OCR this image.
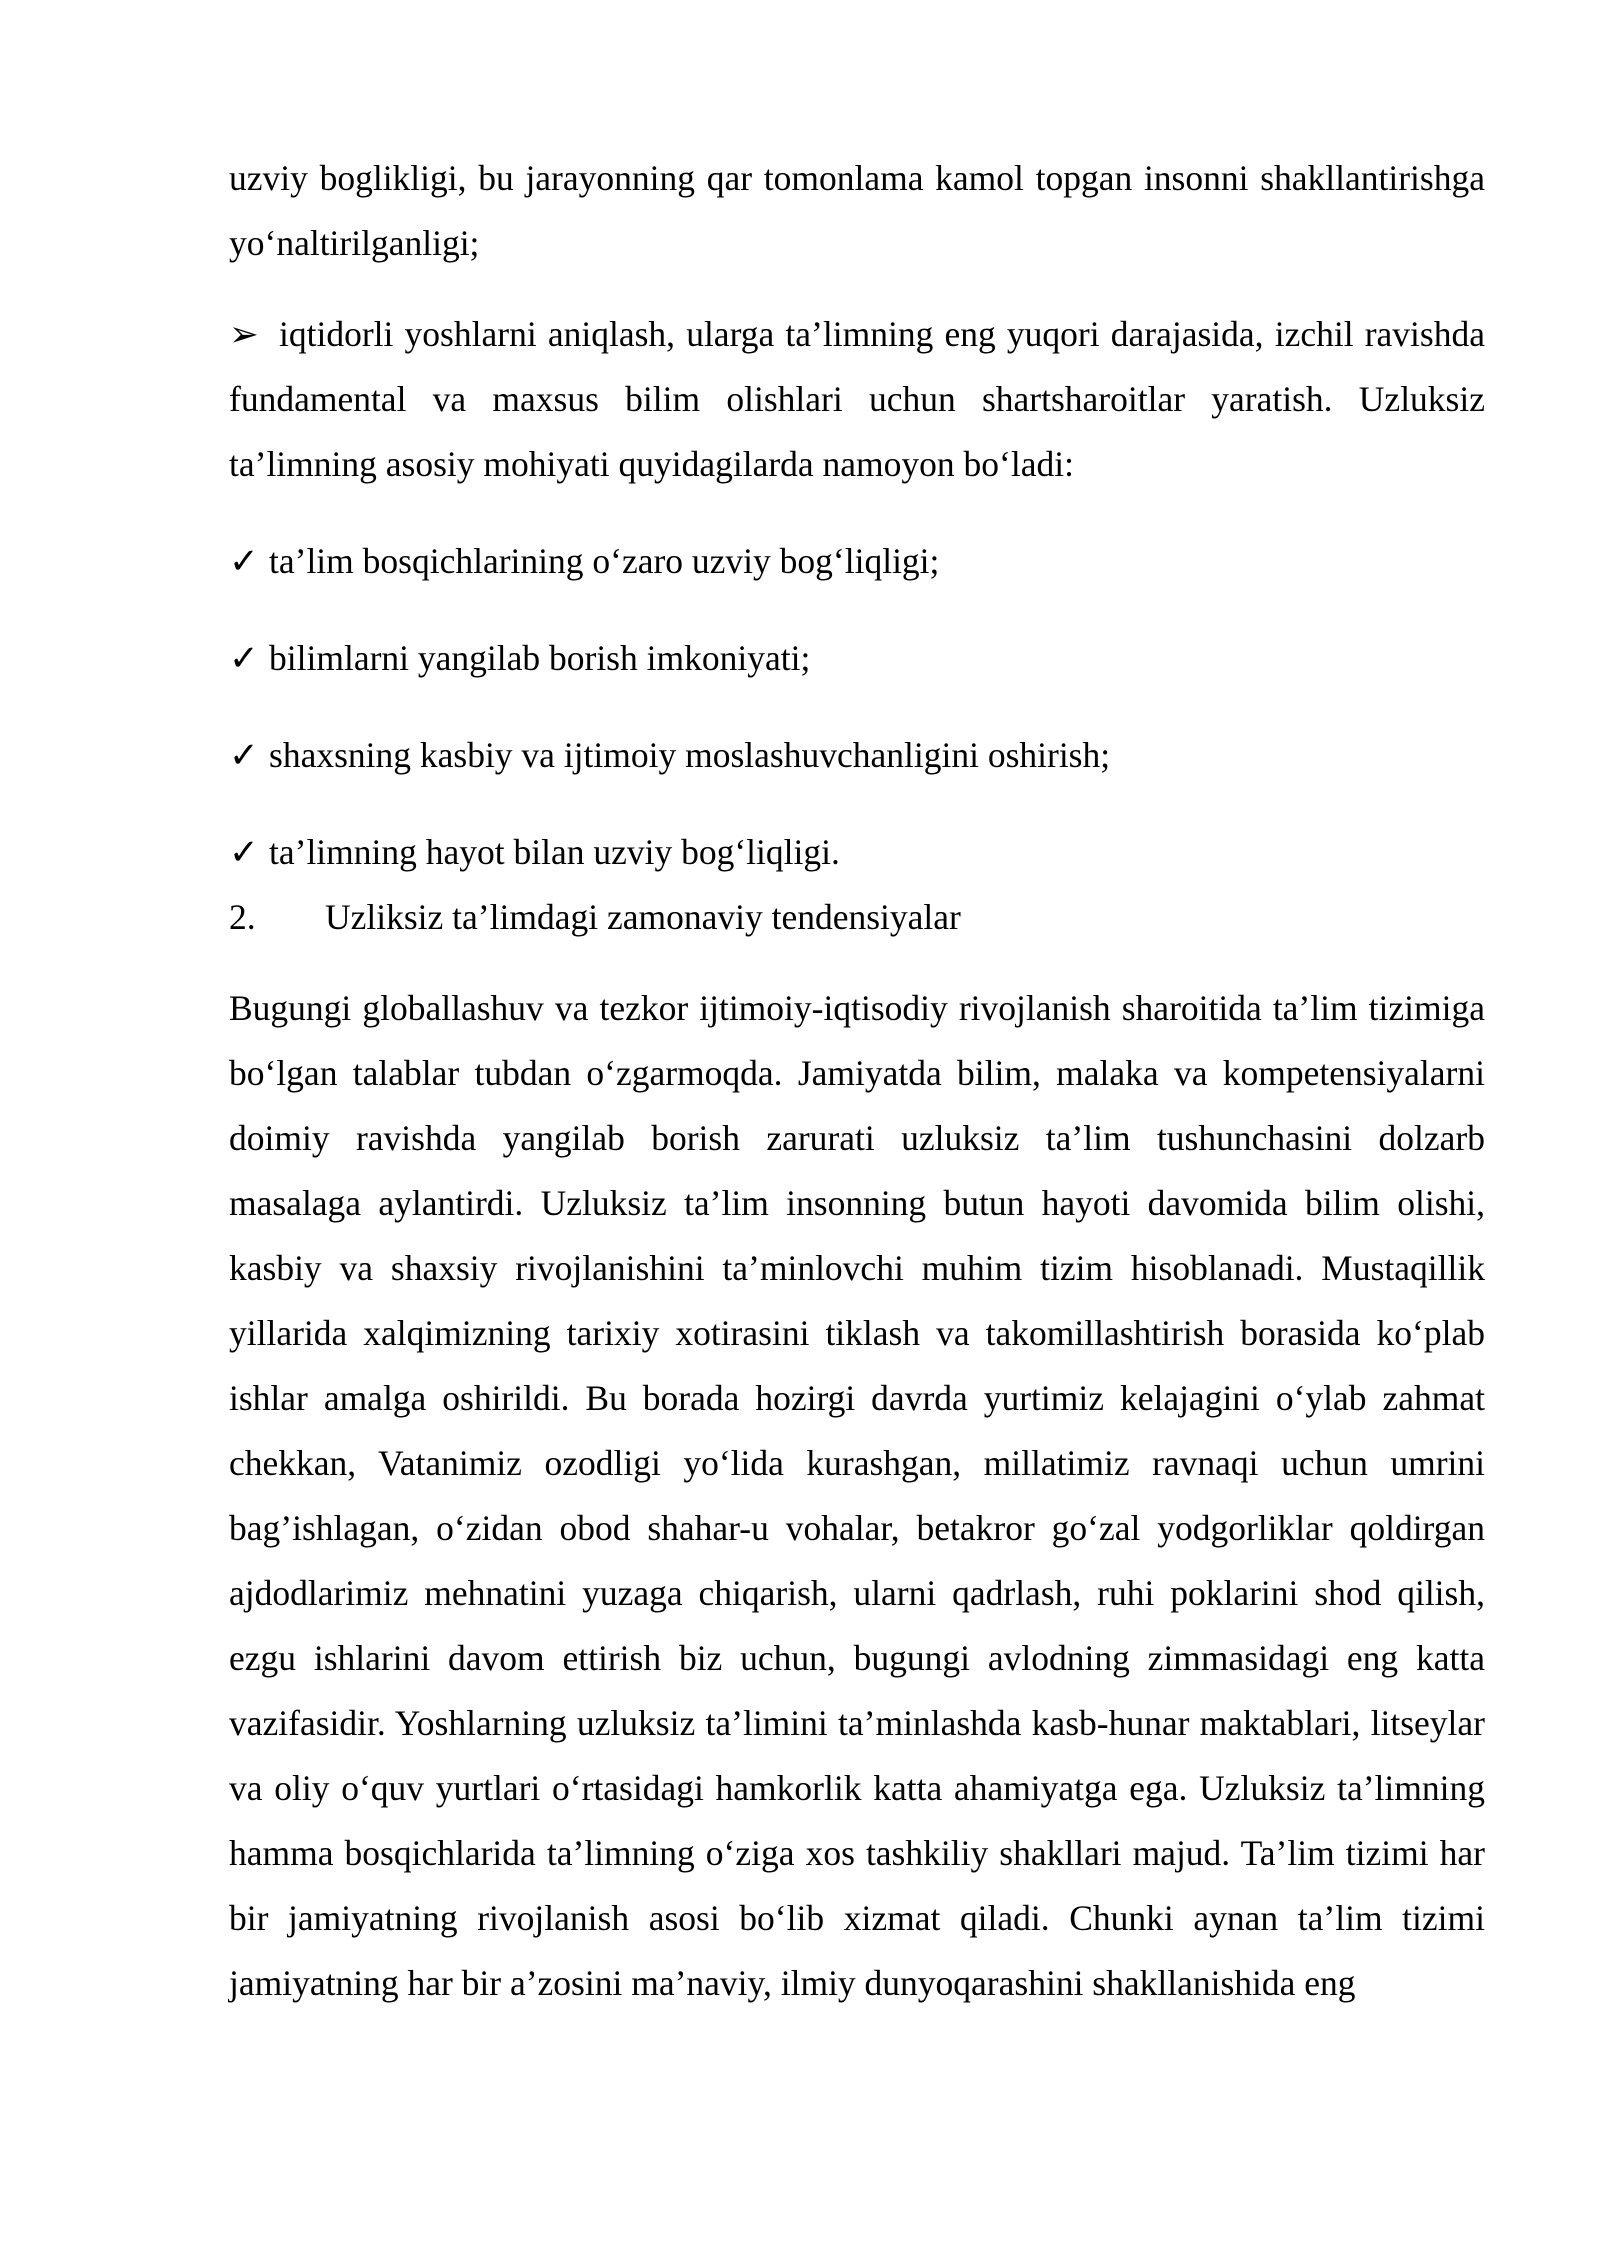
uzviy boglikligi, bu jarayonning qar tomonlama kamol topgan insonni shakllantirishga yo‘naltirilganligi;

➢ iqtidorli yoshlarni aniqlash, ularga ta’limning eng yuqori darajasida, izchil ravishda fundamental va maxsus bilim olishlari uchun shartsharoitlar yaratish. Uzluksiz ta’limning asosiy mohiyati quyidagilarda namoyon bo‘ladi:

✓ ta’lim bosqichlarining o‘zaro uzviy bog‘liqligi;

✓ bilimlarni yangilab borish imkoniyati;

✓ shaxsning kasbiy va ijtimoiy moslashuvchanligini oshirish;

✓ ta’limning hayot bilan uzviy bog‘liqligi.

2. Uzliksiz ta’limdagi zamonaviy tendensiyalar

Bugungi globallashuv va tezkor ijtimoiy-iqtisodiy rivojlanish sharoitida ta’lim tizimiga bo‘lgan talablar tubdan o‘zgarmoqda. Jamiyatda bilim, malaka va kompetensiyalarni doimiy ravishda yangilab borish zarurati uzluksiz ta’lim tushunchasini dolzarb masalaga aylantirdi. Uzluksiz ta’lim insonning butun hayoti davomida bilim olishi, kasbiy va shaxsiy rivojlanishini ta’minlovchi muhim tizim hisoblanadi. Mustaqillik yillarida xalqimizning tarixiy xotirasini tiklash va takomillashtirish borasida ko‘plab ishlar amalga oshirildi. Bu borada hozirgi davrda yurtimiz kelajagini o‘ylab zahmat chekkan, Vatanimiz ozodligi yo‘lida kurashgan, millatimiz ravnaqi uchun umrini bag’ishlagan, o‘zidan obod shahar-u vohalar, betakror go‘zal yodgorliklar qoldirgan ajdodlarimiz mehnatini yuzaga chiqarish, ularni qadrlash, ruhi poklarini shod qilish, ezgu ishlarini davom ettirish biz uchun, bugungi avlodning zimmasidagi eng katta vazifasidir. Yoshlarning uzluksiz ta’limini ta’minlashda kasb-hunar maktablari, litseylar va oliy o‘quv yurtlari o‘rtasidagi hamkorlik katta ahamiyatga ega. Uzluksiz ta’limning hamma bosqichlarida ta’limning o‘ziga xos tashkiliy shakllari majud. Ta’lim tizimi har bir jamiyatning rivojlanish asosi bo‘lib xizmat qiladi. Chunki aynan ta’lim tizimi jamiyatning har bir a’zosini ma’naviy, ilmiy dunyoqarashini shakllanishida eng
